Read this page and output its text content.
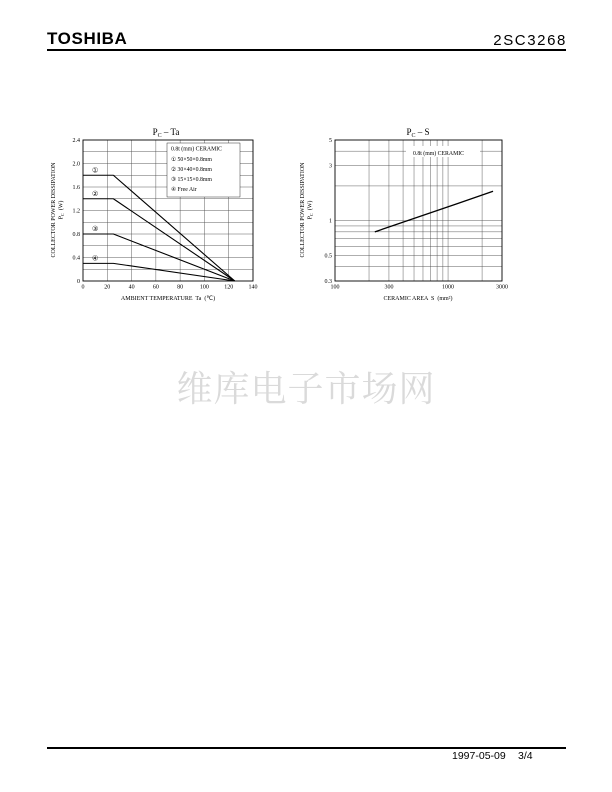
TOSHIBA	2SC3268
0	20	40	60	80	100	120	140
0
0.4
0.8
1.2
1.6
2.0
2.4
0.8t (mm) CERAMIC
① 50×50×0.8mm
② 30×40×0.8mm
③ 15×15×0.8mm
④ Free Air
①
②
③
④
$P_C$ – Ta
COLLECTOR POWER DISSIPATION $P_C$  (W)
AMBIENT TEMPERATURE  Ta  (℃)
100	300	1000	3000
0.3
0.5
1
3
5
0.8t (mm) CERAMIC
$P_C$ – S
COLLECTOR POWER DISSIPATION $P_C$  (W)
CERAMIC AREA  S  (mm²)
维库电子市场网
1997-05-09 3/4
